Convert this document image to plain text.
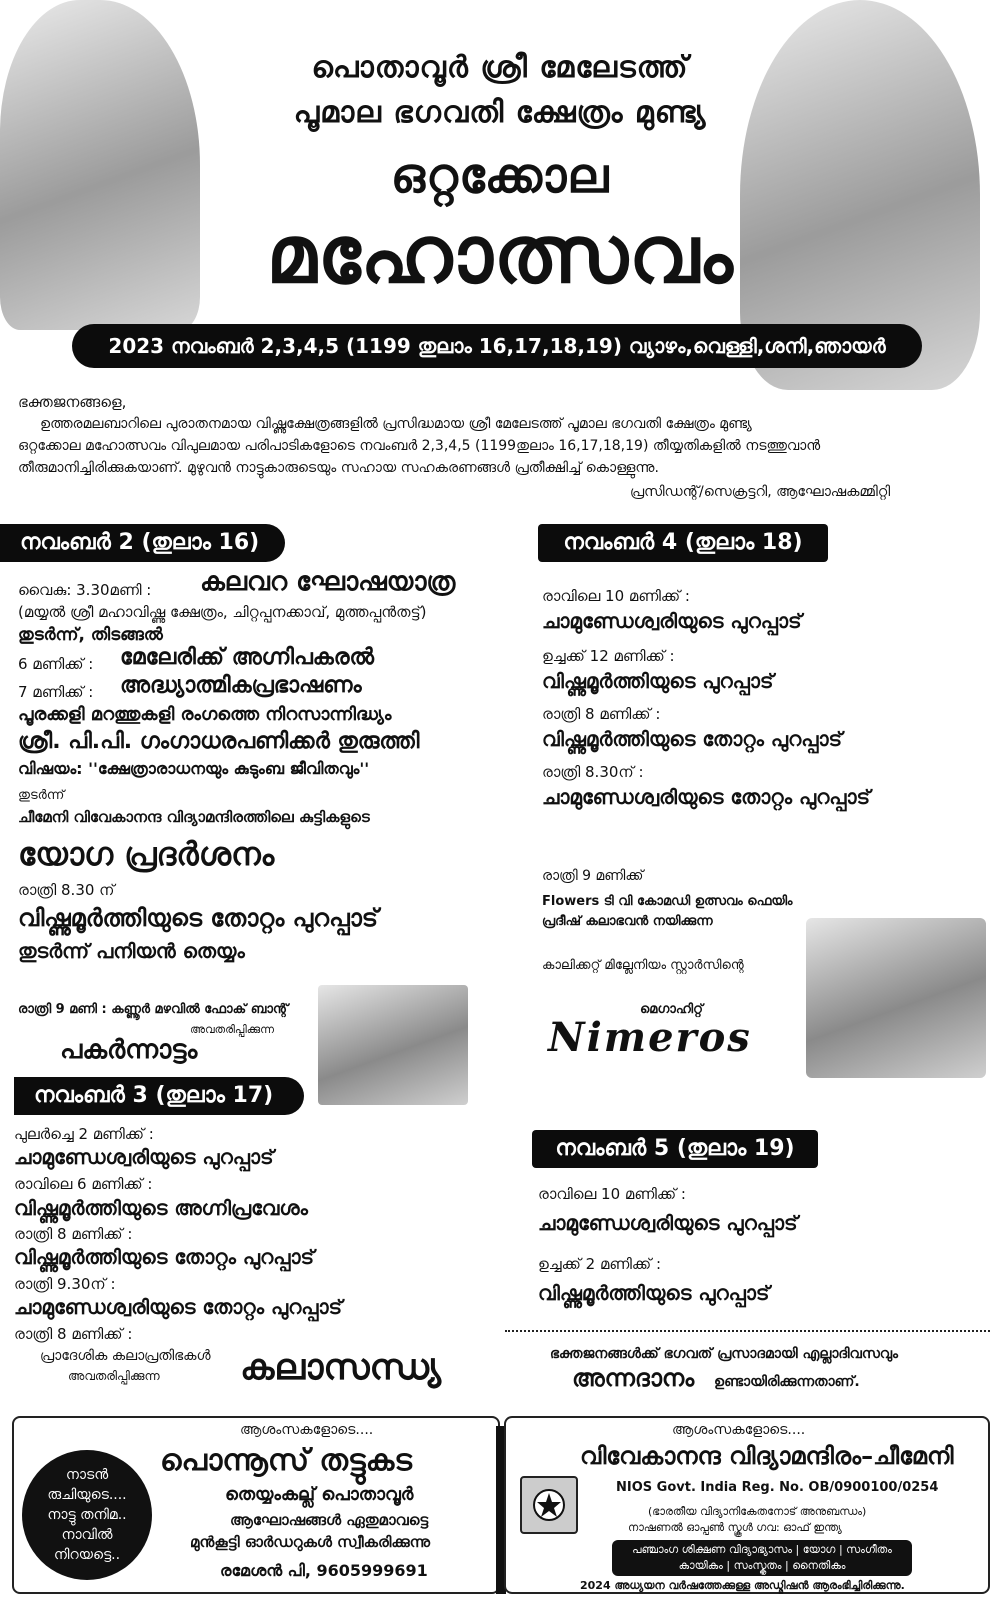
പൊതാവൂർ ശ്രീ മേലേടത്ത്
പൂമാല ഭഗവതി ക്ഷേത്രം മുണ്ട്യ
ഒറ്റക്കോല
മഹോത്സവം
2023 നവംബർ 2,3,4,5 (1199 തുലാം 16,17,18,19) വ്യാഴം,വെള്ളി,ശനി,ഞായർ
ഭക്തജനങ്ങളെ,
ഉത്തരമലബാറിലെ പുരാതനമായ വിഷ്ണുക്ഷേത്രങ്ങളിൽ പ്രസിദ്ധമായ ശ്രീ മേലേടത്ത് പൂമാല ഭഗവതി ക്ഷേത്രം മുണ്ട്യ
ഒറ്റക്കോല മഹോത്സവം വിപുലമായ പരിപാടികളോടെ നവംബർ 2,3,4,5 (1199തുലാം 16,17,18,19) തീയ്യതികളിൽ നടത്തുവാൻ
തീരുമാനിച്ചിരിക്കുകയാണ്. മുഴുവൻ നാട്ടുകാരുടെയും സഹായ സഹകരണങ്ങൾ പ്രതീക്ഷിച്ച് കൊള്ളുന്നു.
പ്രസിഡന്റ്/സെക്രട്ടറി, ആഘോഷകമ്മിറ്റി
നവംബർ 2 (തുലാം 16)
വൈകു: 3.30മണി : കലവറ ഘോഷയാത്ര
(മയ്യൽ ശ്രീ മഹാവിഷ്ണു ക്ഷേത്രം, ചിറ്റപ്പനക്കാവ്, മുത്തപ്പൻതട്ട്)
തുടർന്ന്, തിടങ്ങൽ
6 മണിക്ക് : മേലേരിക്ക് അഗ്നിപകരൽ
7 മണിക്ക് : അദ്ധ്യാത്മികപ്രഭാഷണം
പൂരക്കളി മറത്തുകളി രംഗത്തെ നിറസാന്നിദ്ധ്യം
ശ്രീ. പി.പി. ഗംഗാധരപണിക്കർ തുരുത്തി
വിഷയം: ''ക്ഷേത്രാരാധനയും കുടുംബ ജീവിതവും''
തുടർന്ന്
ചീമേനി വിവേകാനന്ദ വിദ്യാമന്ദിരത്തിലെ കുട്ടികളുടെ
യോഗ പ്രദർശനം
രാത്രി 8.30 ന്
വിഷ്ണുമൂർത്തിയുടെ തോറ്റം പുറപ്പാട്
തുടർന്ന് പനിയൻ തെയ്യം
രാത്രി 9 മണി : കണ്ണൂർ മഴവിൽ ഫോക് ബാന്റ്
അവതരിപ്പിക്കുന്ന
പകർന്നാട്ടം
നവംബർ 3 (തുലാം 17)
പുലർച്ചെ 2 മണിക്ക് :
ചാമുണ്ഡേശ്വരിയുടെ പുറപ്പാട്
രാവിലെ 6 മണിക്ക് :
വിഷ്ണുമൂർത്തിയുടെ അഗ്നിപ്രവേശം
രാത്രി 8 മണിക്ക് :
വിഷ്ണുമൂർത്തിയുടെ തോറ്റം പുറപ്പാട്
രാത്രി 9.30ന് :
ചാമുണ്ഡേശ്വരിയുടെ തോറ്റം പുറപ്പാട്
രാത്രി 8 മണിക്ക് :
പ്രാദേശിക കലാപ്രതിഭകൾ
അവതരിപ്പിക്കുന്ന കലാസന്ധ്യ
നവംബർ 4 (തുലാം 18)
രാവിലെ 10 മണിക്ക് :
ചാമുണ്ഡേശ്വരിയുടെ പുറപ്പാട്
ഉച്ചക്ക് 12 മണിക്ക് :
വിഷ്ണുമൂർത്തിയുടെ പുറപ്പാട്
രാത്രി 8 മണിക്ക് :
വിഷ്ണുമൂർത്തിയുടെ തോറ്റം പുറപ്പാട്
രാത്രി 8.30ന് :
ചാമുണ്ഡേശ്വരിയുടെ തോറ്റം പുറപ്പാട്
രാത്രി 9 മണിക്ക്
Flowers ടി വി കോമഡി ഉത്സവം ഫെയിം
പ്രദീഷ് കലാഭവൻ നയിക്കുന്ന
കാലിക്കറ്റ് മില്ലേനിയം സ്റ്റാർസിന്റെ
മെഗാഹിറ്റ്
Nimeros
നവംബർ 5 (തുലാം 19)
രാവിലെ 10 മണിക്ക് :
ചാമുണ്ഡേശ്വരിയുടെ പുറപ്പാട്
ഉച്ചക്ക് 2 മണിക്ക് :
വിഷ്ണുമൂർത്തിയുടെ പുറപ്പാട്
ഭക്തജനങ്ങൾക്ക് ഭഗവത് പ്രസാദമായി എല്ലാദിവസവും
അന്നദാനം ഉണ്ടായിരിക്കുന്നതാണ്.
ആശംസകളോടെ....
നാടൻ രുചിയുടെ.... നാട്ടു തനിമ.. നാവിൽ നിറയട്ടെ..
പൊന്നൂസ് തട്ടുകട
തെയ്യംകല്ല് പൊതാവൂർ
ആഘോഷങ്ങൾ ഏതുമാവട്ടെ
മുൻകൂട്ടി ഓർഡറുകൾ സ്വീകരിക്കുന്നു
രമേശൻ പി, 9605999691
ആശംസകളോടെ....
വിവേകാനന്ദ വിദ്യാമന്ദിരം–ചീമേനി
NIOS Govt. India Reg. No. OB/0900100/0254
(ഭാരതീയ വിദ്യാനികേതനോട് അനുബന്ധം)
നാഷണൽ ഓപ്പൺ സ്കൂൾ ഗവ: ഓഫ് ഇന്ത്യ
പഞ്ചാംഗ ശിക്ഷണ വിദ്യാഭ്യാസം | യോഗ | സംഗീതം
കായികം | സംസ്കൃതം | നൈതികം
2024 അധ്യയന വർഷത്തേക്കുള്ള അഡ്മിഷൻ ആരംഭിച്ചിരിക്കുന്നു.
